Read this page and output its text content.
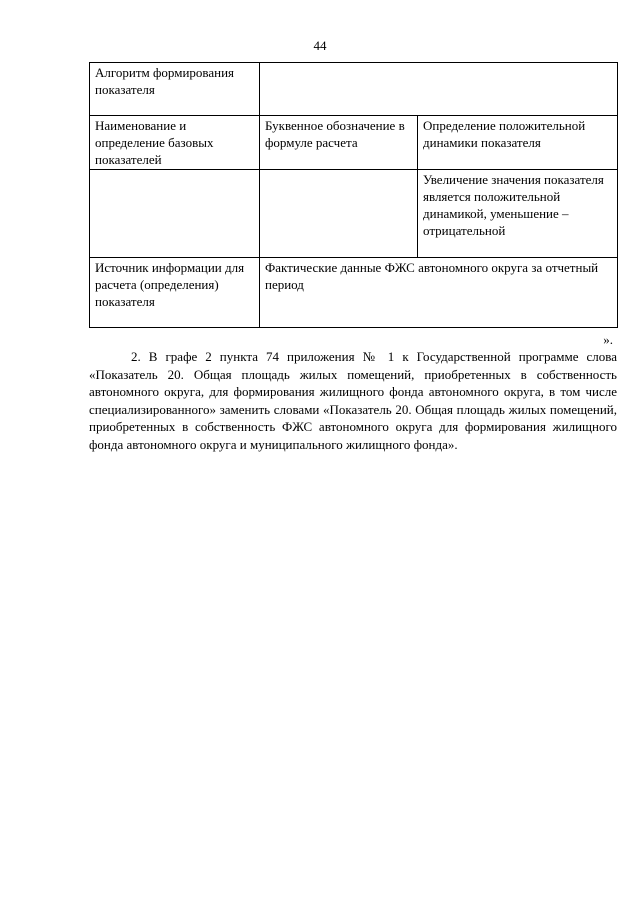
44
Алгоритм формирования показателя		
Наименование и определение базовых показателей	Буквенное обозначение в формуле расчета	Определение положительной динамики показателя
		Увеличение значения показателя является положительной динамикой, уменьшение – отрицательной
Источник информации для расчета (определения) показателя	Фактические данные ФЖС автономного округа за отчетный период	
».

2. В графе 2 пункта 74 приложения № 1 к Государственной программе слова «Показатель 20. Общая площадь жилых помещений, приобретенных в собственность автономного округа, для формирования жилищного фонда автономного округа, в том числе специализированного» заменить словами «Показатель 20. Общая площадь жилых помещений, приобретенных в собственность ФЖС автономного округа для формирования жилищного фонда автономного округа и муниципального жилищного фонда».
